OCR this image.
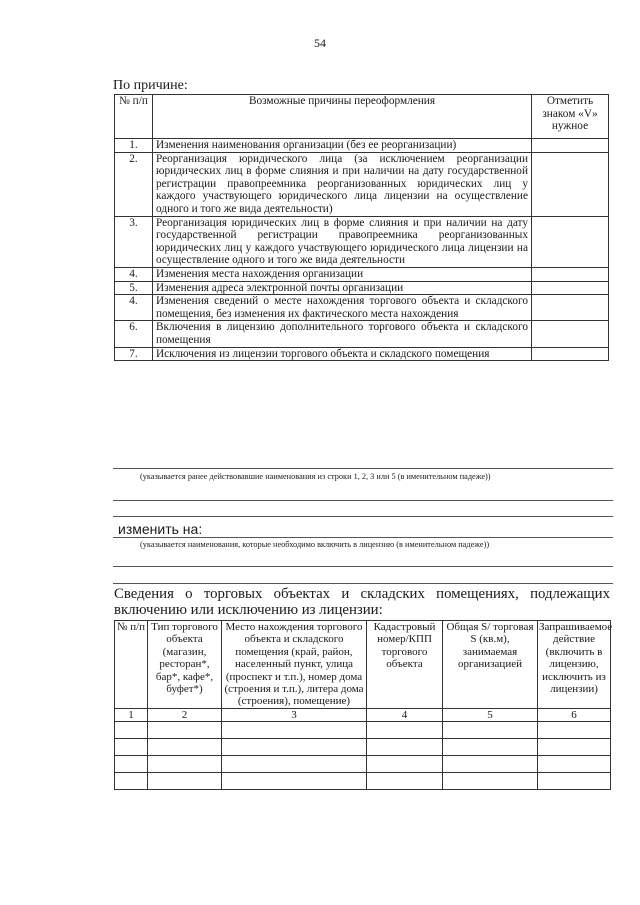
54
По причине:
№ п/п	Возможные причины переоформления	Отметить знаком «V» нужное
1.	Изменения наименования организации (без ее реорганизации)	
2.	Реорганизация юридического лица (за исключением реорганизации юридических лиц в форме слияния и при наличии на дату государственной регистрации правопреемника реорганизованных юридических лиц у каждого участвующего юридического лица лицензии на осуществление одного и того же вида деятельности)	
3.	Реорганизация юридических лиц в форме слияния и при наличии на дату государственной регистрации правопреемника реорганизованных юридических лиц у каждого участвующего юридического лица лицензии на осуществление одного и того же вида деятельности	
4.	Изменения места нахождения организации	
5.	Изменения адреса электронной почты организации	
4.	Изменения сведений о месте нахождения торгового объекта и складского помещения, без изменения их фактического места нахождения	
6.	Включения в лицензию дополнительного торгового объекта и складского помещения	
7.	Исключения из лицензии торгового объекта и складского помещения	
(указывается ранее действовавшие наименования из строки 1, 2, 3 или 5 (в именительном падеже))
изменить на:
(указывается наименования, которые необходимо включить в лицензию (в именительном падеже))
Сведения о торговых объектах и складских помещениях, подлежащих включению или исключению из лицензии:
№ п/п	Тип торгового объекта (магазин, ресторан*, бар*, кафе*, буфет*)	Место нахождения торгового объекта и складского помещения (край, район, населенный пункт, улица (проспект и т.п.), номер дома (строения и т.п.), литера дома (строения), помещение)	Кадастровый номер/КПП торгового объекта	Общая S/ торговая S (кв.м), занимаемая организацией	Запрашиваемое действие (включить в лицензию, исключить из лицензии)
1	2	3	4	5	6
